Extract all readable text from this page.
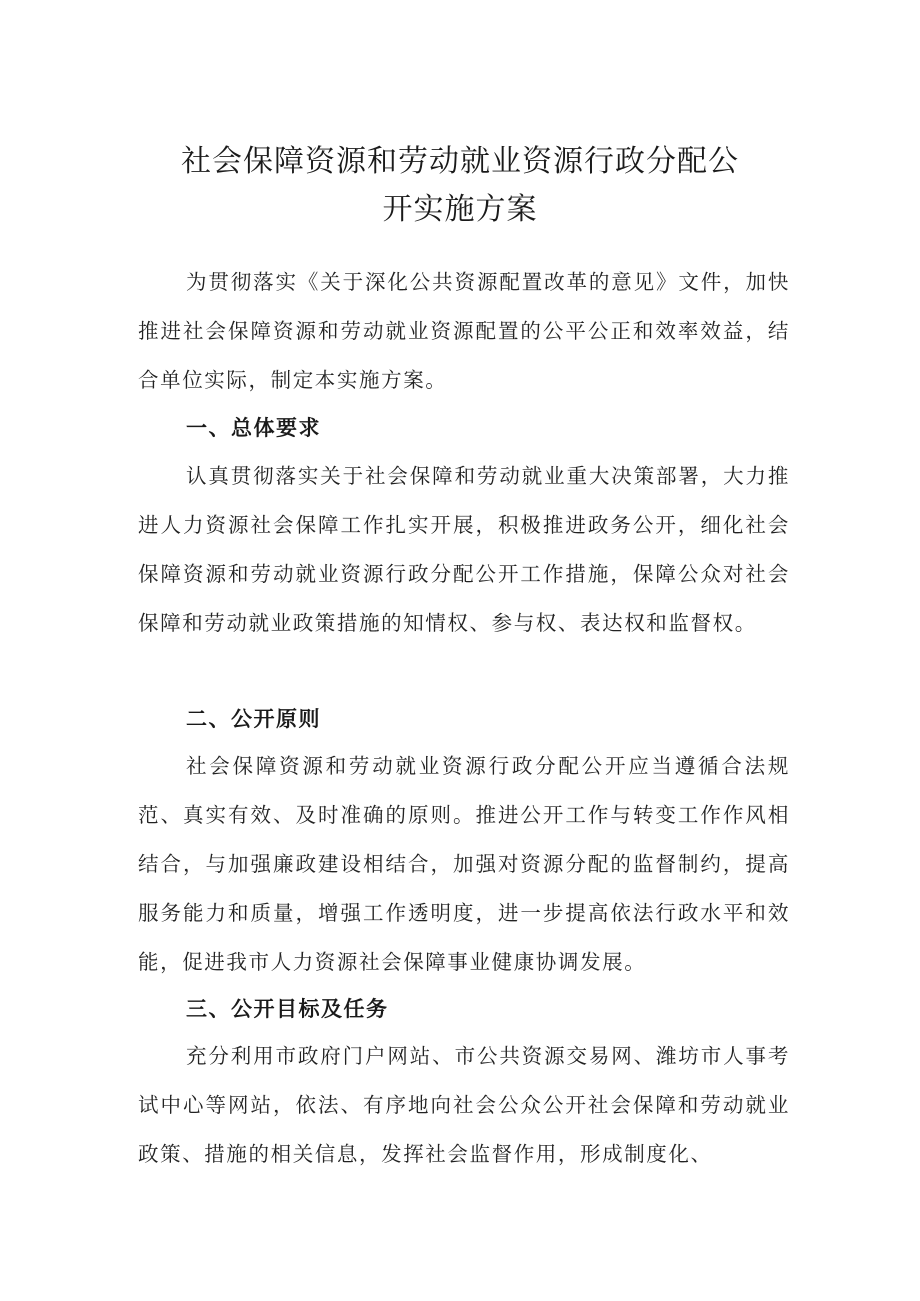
社会保障资源和劳动就业资源行政分配公
开实施方案
为贯彻落实《关于深化公共资源配置改革的意见》文件，加快推进社会保障资源和劳动就业资源配置的公平公正和效率效益，结合单位实际，制定本实施方案。
一、总体要求
认真贯彻落实关于社会保障和劳动就业重大决策部署，大力推进人力资源社会保障工作扎实开展，积极推进政务公开，细化社会保障资源和劳动就业资源行政分配公开工作措施，保障公众对社会保障和劳动就业政策措施的知情权、参与权、表达权和监督权。
二、公开原则
社会保障资源和劳动就业资源行政分配公开应当遵循合法规范、真实有效、及时准确的原则。推进公开工作与转变工作作风相结合，与加强廉政建设相结合，加强对资源分配的监督制约，提高服务能力和质量，增强工作透明度，进一步提高依法行政水平和效能，促进我市人力资源社会保障事业健康协调发展。
三、公开目标及任务
充分利用市政府门户网站、市公共资源交易网、潍坊市人事考试中心等网站，依法、有序地向社会公众公开社会保障和劳动就业政策、措施的相关信息，发挥社会监督作用，形成制度化、
